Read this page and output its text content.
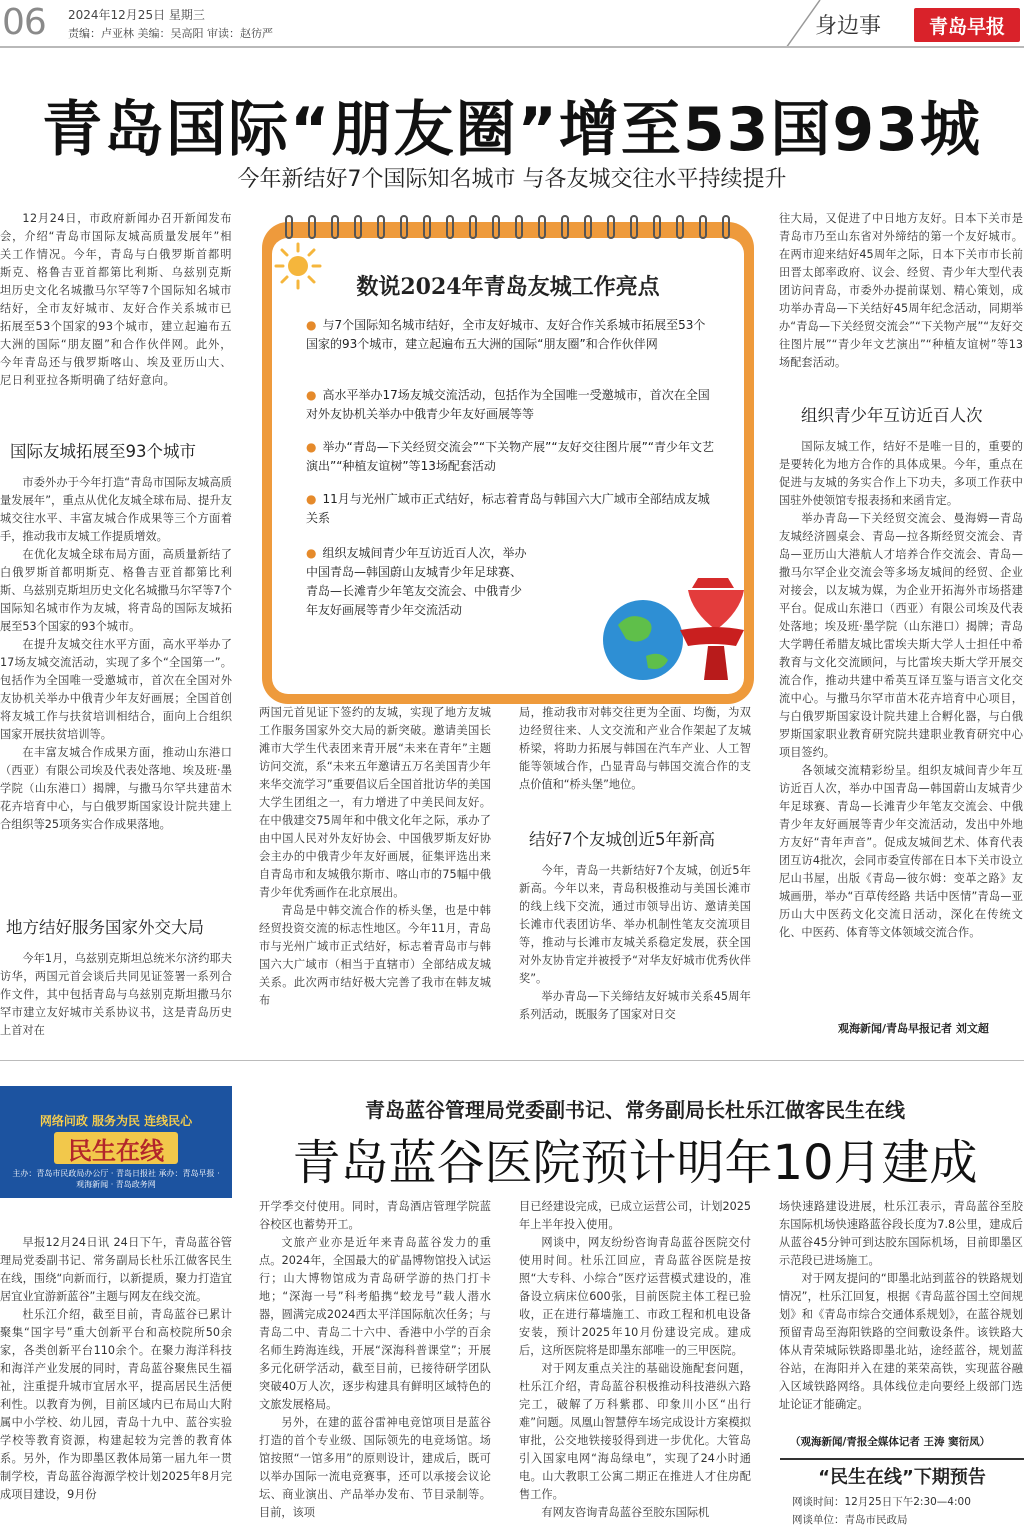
06 2024年12月25日 星期三
责编：卢亚林 美编：吴高阳 审读：赵彷严	身边事	青岛早报
青岛国际“朋友圈”增至53国93城
今年新结好7个国际知名城市 与各友城交往水平持续提升

12月24日，市政府新闻办召开新闻发布会，介绍“青岛市国际友城高质量发展年”相关工作情况。今年，青岛与白俄罗斯首都明斯克、格鲁吉亚首都第比利斯、乌兹别克斯坦历史文化名城撒马尔罕等7个国际知名城市结好，全市友好城市、友好合作关系城市已拓展至53个国家的93个城市，建立起遍布五大洲的国际“朋友圈”和合作伙伴网。此外，今年青岛还与俄罗斯喀山、埃及亚历山大、尼日利亚拉各斯明确了结好意向。

国际友城拓展至93个城市

市委外办于今年打造“青岛市国际友城高质量发展年”，重点从优化友城全球布局、提升友城交往水平、丰富友城合作成果等三个方面着手，推动我市友城工作提质增效。

在优化友城全球布局方面，高质量新结了白俄罗斯首都明斯克、格鲁吉亚首都第比利斯、乌兹别克斯坦历史文化名城撒马尔罕等7个国际知名城市作为友城，将青岛的国际友城拓展至53个国家的93个城市。

在提升友城交往水平方面，高水平举办了17场友城交流活动，实现了多个“全国第一”。包括作为全国唯一受邀城市，首次在全国对外友协机关举办中俄青少年友好画展；全国首创将友城工作与扶贫培训相结合，面向上合组织国家开展扶贫培训等。

在丰富友城合作成果方面，推动山东港口（西亚）有限公司埃及代表处落地、埃及班·墨学院（山东港口）揭牌，与撒马尔罕共建苗木花卉培育中心，与白俄罗斯国家设计院共建上合组织等25项务实合作成果落地。

地方结好服务国家外交大局

今年1月，乌兹别克斯坦总统米尔济约耶夫访华，两国元首会谈后共同见证签署一系列合作文件，其中包括青岛与乌兹别克斯坦撒马尔罕市建立友好城市关系协议书，这是青岛历史上首对在

数说2024年青岛友城工作亮点
● 与7个国际知名城市结好，全市友好城市、友好合作关系城市拓展至53个国家的93个城市，建立起遍布五大洲的国际“朋友圈”和合作伙伴网
● 高水平举办17场友城交流活动，包括作为全国唯一受邀城市，首次在全国对外友协机关举办中俄青少年友好画展等等
● 举办“青岛—下关经贸交流会”“下关物产展”“友好交往图片展”“青少年文艺演出”“种植友谊树”等13场配套活动
● 11月与光州广域市正式结好，标志着青岛与韩国六大广域市全部结成友城关系
● 组织友城间青少年互访近百人次，举办中国青岛—韩国蔚山友城青少年足球赛、青岛—长滩青少年笔友交流会、中俄青少年友好画展等青少年交流活动

两国元首见证下签约的友城，实现了地方友城工作服务国家外交大局的新突破。邀请美国长滩市大学生代表团来青开展“未来在青年”主题访问交流，系“未来五年邀请五万名美国青少年来华交流学习”重要倡议后全国首批访华的美国大学生团组之一，有力增进了中美民间友好。在中俄建交75周年和中俄文化年之际，承办了由中国人民对外友好协会、中国俄罗斯友好协会主办的中俄青少年友好画展，征集评选出来自青岛市和友城俄尔斯市、喀山市的75幅中俄青少年优秀画作在北京展出。

青岛是中韩交流合作的桥头堡，也是中韩经贸投资交流的标志性地区。今年11月，青岛市与光州广域市正式结好，标志着青岛市与韩国六大广域市（相当于直辖市）全部结成友城关系。此次两市结好极大完善了我市在韩友城布

局，推动我市对韩交往更为全面、均衡，为双边经贸往来、人文交流和产业合作架起了友城桥梁，将助力拓展与韩国在汽车产业、人工智能等领域合作，凸显青岛与韩国交流合作的支点价值和“桥头堡”地位。

结好7个友城创近5年新高

今年，青岛一共新结好7个友城，创近5年新高。今年以来，青岛积极推动与美国长滩市的线上线下交流，通过市领导出访、邀请美国长滩市代表团访华、举办机制性笔友交流项目等，推动与长滩市友城关系稳定发展，获全国对外友协肯定并被授予“对华友好城市优秀伙伴奖”。

举办青岛—下关缔结友好城市关系45周年系列活动，既服务了国家对日交

往大局，又促进了中日地方友好。日本下关市是青岛市乃至山东省对外缔结的第一个友好城市。在两市迎来结好45周年之际，日本下关市市长前田晋太郎率政府、议会、经贸、青少年大型代表团访问青岛，市委外办提前谋划、精心策划，成功举办青岛—下关结好45周年纪念活动，同期举办“青岛—下关经贸交流会”“下关物产展”“友好交往图片展”“青少年文艺演出”“种植友谊树”等13场配套活动。

组织青少年互访近百人次

国际友城工作，结好不是唯一目的，重要的是要转化为地方合作的具体成果。今年，重点在促进与友城的务实合作上下功夫，多项工作获中国驻外使领馆专报表扬和来函肯定。

举办青岛—下关经贸交流会、曼海姆—青岛友城经济圆桌会、青岛—拉各斯经贸交流会、青岛—亚历山大港航人才培养合作交流会、青岛—撒马尔罕企业交流会等多场友城间的经贸、企业对接会，以友城为媒，为企业开拓海外市场搭建平台。促成山东港口（西亚）有限公司埃及代表处落地；埃及班·墨学院（山东港口）揭牌；青岛大学聘任希腊友城比雷埃夫斯大学人士担任中希教育与文化交流顾问，与比雷埃夫斯大学开展交流合作，推动共建中希英互译互鉴与语言文化交流中心。与撒马尔罕市苗木花卉培育中心项目，与白俄罗斯国家设计院共建上合孵化器，与白俄罗斯国家职业教育研究院共建职业教育研究中心项目签约。

各领域交流精彩纷呈。组织友城间青少年互访近百人次，举办中国青岛—韩国蔚山友城青少年足球赛、青岛—长滩青少年笔友交流会、中俄青少年友好画展等青少年交流活动，发出中外地方友好“青年声音”。促成友城间艺术、体育代表团互访4批次，会同市委宣传部在日本下关市设立尼山书屋，出版《青岛—彼尔姆：变革之路》友城画册，举办“百草传经路 共话中医情”青岛—亚历山大中医药文化交流日活动，深化在传统文化、中医药、体育等文体领域交流合作。

观海新闻/青岛早报记者 刘文超
网络问政 服务为民 连线民心
民生在线
主办：青岛市民政局办公厅 · 青岛日报社 承办：青岛早报 · 观海新闻 · 青岛政务网
青岛蓝谷管理局党委副书记、常务副局长杜乐江做客民生在线
青岛蓝谷医院预计明年10月建成

早报12月24日讯 24日下午，青岛蓝谷管理局党委副书记、常务副局长杜乐江做客民生在线，围绕“向新而行，以新提质，聚力打造宜居宜业宜游新蓝谷”主题与网友在线交流。

杜乐江介绍，截至目前，青岛蓝谷已累计聚集“国字号”重大创新平台和高校院所50余家，各类创新平台110余个。在聚力海洋科技和海洋产业发展的同时，青岛蓝谷聚焦民生福祉，注重提升城市宜居水平，提高居民生活便利性。以教育为例，目前区域内已布局山大附属中小学校、幼儿园，青岛十九中、蓝谷实验学校等教育资源，构建起较为完善的教育体系。另外，作为即墨区教体局第一届九年一贯制学校，青岛蓝谷海源学校计划2025年8月完成项目建设，9月份

开学季交付使用。同时，青岛酒店管理学院蓝谷校区也蓄势开工。

文旅产业亦是近年来青岛蓝谷发力的重点。2024年，全国最大的矿晶博物馆投入试运行；山大博物馆成为青岛研学游的热门打卡地；“深海一号”科考船携“蛟龙号”载人潜水器，圆满完成2024西太平洋国际航次任务；与青岛二中、青岛二十六中、香港中小学的百余名师生跨海连线，开展“深海科普课堂”；开展多元化研学活动，截至目前，已接待研学团队突破40万人次，逐步构建具有鲜明区域特色的文旅发展格局。

另外，在建的蓝谷雷神电竞馆项目是蓝谷打造的首个专业级、国际领先的电竞场馆。场馆按照“一馆多用”的原则设计，建成后，既可以举办国际一流电竞赛事，还可以承接会议论坛、商业演出、产品举办发布、节目录制等。目前，该项

目已经建设完成，已成立运营公司，计划2025年上半年投入使用。

网谈中，网友纷纷咨询青岛蓝谷医院交付使用时间。杜乐江回应，青岛蓝谷医院是按照“大专科、小综合”医疗运营模式建设的，准备设立病床位600张，目前医院主体工程已验收，正在进行幕墙施工、市政工程和机电设备安装，预计2025年10月份建设完成。建成后，这所医院将是即墨东部唯一的三甲医院。

对于网友重点关注的基础设施配套问题，杜乐江介绍，青岛蓝谷积极推动科技港纵六路完工，破解了万科紫郡、印象川小区“出行难”问题。凤凰山智慧停车场完成设计方案模拟审批，公交地铁接驳得到进一步优化。大管岛引入国家电网“海岛绿电”，实现了24小时通电。山大教职工公寓二期正在推进人才住房配售工作。

有网友咨询青岛蓝谷至胶东国际机

场快速路建设进展，杜乐江表示，青岛蓝谷至胶东国际机场快速路蓝谷段长度为7.8公里，建成后从蓝谷45分钟可到达胶东国际机场，目前即墨区示范段已进场施工。

对于网友提问的“即墨北站到蓝谷的铁路规划情况”，杜乐江回复，根据《青岛蓝谷国土空间规划》和《青岛市综合交通体系规划》，在蓝谷规划预留青岛至海阳铁路的空间敷设条件。该铁路大体从青荣城际铁路即墨北站，途经蓝谷，规划蓝谷站，在海阳并入在建的莱荣高铁，实现蓝谷融入区域铁路网络。具体线位走向要经上级部门选址论证才能确定。

（观海新闻/青报全媒体记者 王涛 窦衍凤）
“民生在线”下期预告
网谈时间：12月25日下午2:30—4:00
网谈单位：青岛市民政局
